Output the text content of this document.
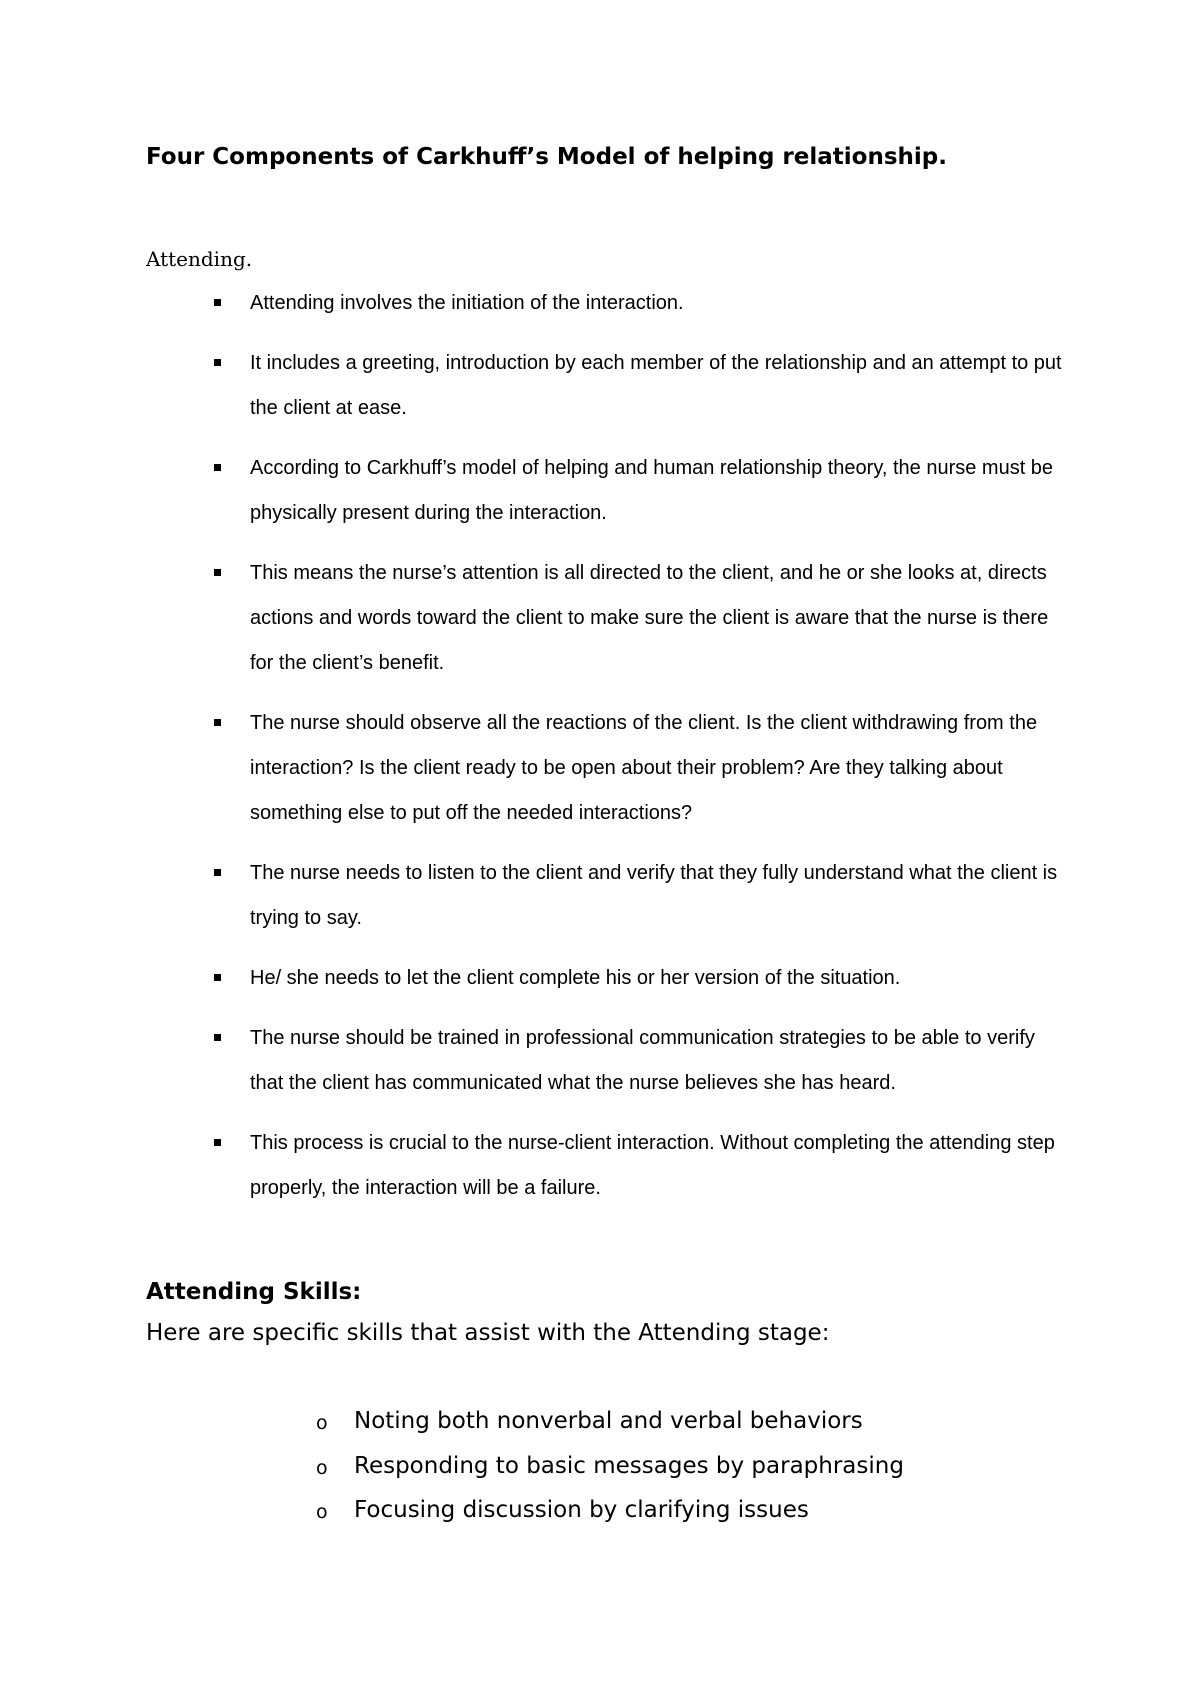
Four Components of Carkhuff’s Model of helping relationship.

Attending.

Attending involves the initiation of the interaction.
It includes a greeting, introduction by each member of the relationship and an attempt to put the client at ease.
According to Carkhuff’s model of helping and human relationship theory, the nurse must be physically present during the interaction.
This means the nurse’s attention is all directed to the client, and he or she looks at, directs actions and words toward the client to make sure the client is aware that the nurse is there for the client’s benefit.
The nurse should observe all the reactions of the client. Is the client withdrawing from the interaction? Is the client ready to be open about their problem? Are they talking about something else to put off the needed interactions?
The nurse needs to listen to the client and verify that they fully understand what the client is trying to say.
He/ she needs to let the client complete his or her version of the situation.
The nurse should be trained in professional communication strategies to be able to verify that the client has communicated what the nurse believes she has heard.
This process is crucial to the nurse-client interaction. Without completing the attending step properly, the interaction will be a failure.
Attending Skills:

Here are specific skills that assist with the Attending stage:

o Noting both nonverbal and verbal behaviors
o Responding to basic messages by paraphrasing
o Focusing discussion by clarifying issues
